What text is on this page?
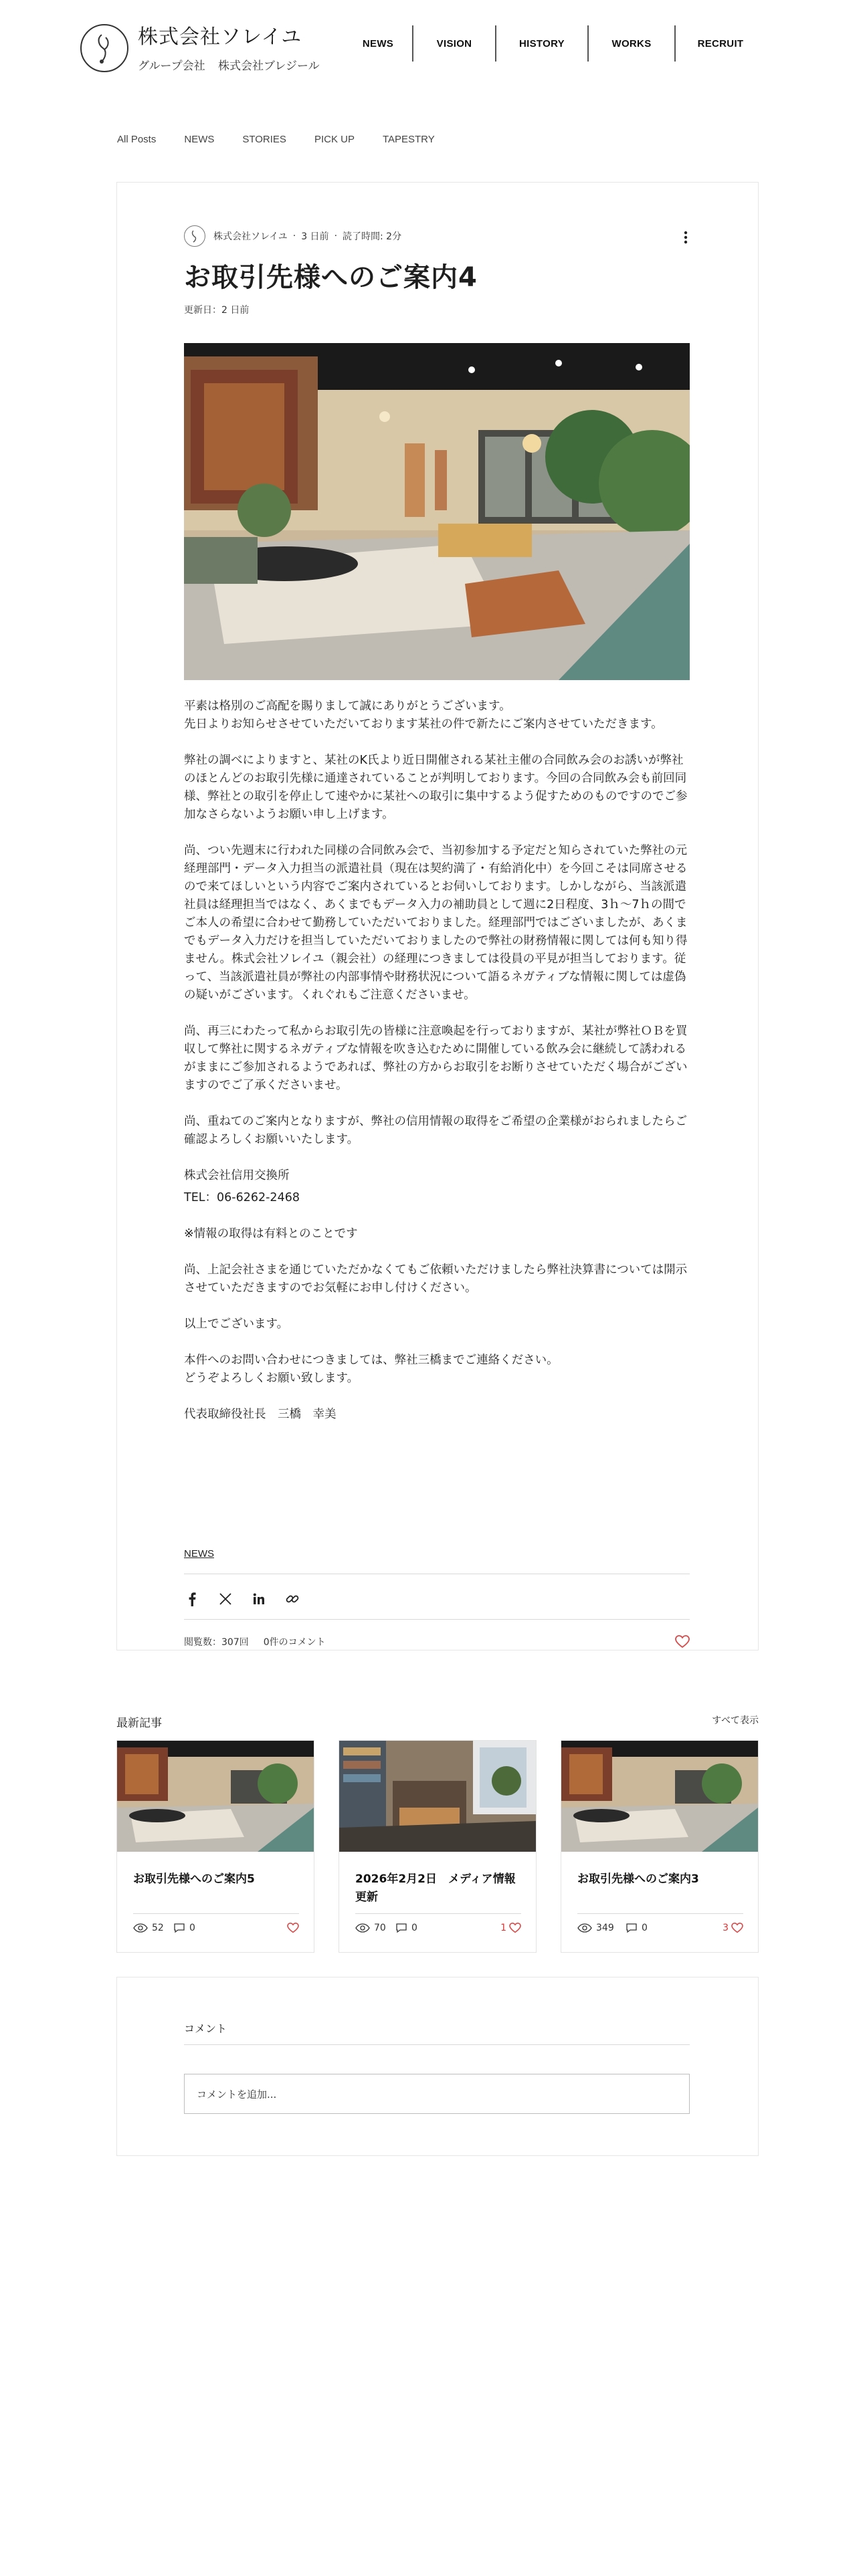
株式会社ソレイユ
グループ会社 株式会社ブレジール
NEWS	VISION	HISTORY	WORKS	RECRUIT
All Posts	NEWS	STORIES	PICK UP	TAPESTRY
株式会社ソレイユ · 3 日前 · 読了時間: 2分
お取引先様へのご案内4
更新日：2 日前

平素は格別のご高配を賜りまして誠にありがとうございます。
先日よりお知らせさせていただいております某社の件で新たにご案内させていただきます。

弊社の調べによりますと、某社のK氏より近日開催される某社主催の合同飲み会のお誘いが弊社のほとんどのお取引先様に通達されていることが判明しております。今回の合同飲み会も前回同様、弊社との取引を停止して速やかに某社への取引に集中するよう促すためのものですのでご参加なさらないようお願い申し上げます。

尚、つい先週末に行われた同様の合同飲み会で、当初参加する予定だと知らされていた弊社の元経理部門・データ入力担当の派遣社員（現在は契約満了・有給消化中）を今回こそは同席させるので来てほしいという内容でご案内されているとお伺いしております。しかしながら、当該派遣社員は経理担当ではなく、あくまでもデータ入力の補助員として週に2日程度、3ｈ～7ｈの間でご本人の希望に合わせて勤務していただいておりました。経理部門ではございましたが、あくまでもデータ入力だけを担当していただいておりましたので弊社の財務情報に関しては何も知り得ません。株式会社ソレイユ（親会社）の経理につきましては役員の平見が担当しております。従って、当該派遣社員が弊社の内部事情や財務状況について語るネガティブな情報に関しては虚偽の疑いがございます。くれぐれもご注意くださいませ。

尚、再三にわたって私からお取引先の皆様に注意喚起を行っておりますが、某社が弊社ＯＢを買収して弊社に関するネガティブな情報を吹き込むために開催している飲み会に継続して誘われるがままにご参加されるようであれば、弊社の方からお取引をお断りさせていただく場合がございますのでご了承くださいませ。

尚、重ねてのご案内となりますが、弊社の信用情報の取得をご希望の企業様がおられましたらご確認よろしくお願いいたします。

株式会社信用交換所

TEL：06-6262-2468

※情報の取得は有料とのことです

尚、上記会社さまを通じていただかなくてもご依頼いただけましたら弊社決算書については開示させていただきますのでお気軽にお申し付けください。

以上でございます。

本件へのお問い合わせにつきましては、弊社三橋までご連絡ください。
どうぞよろしくお願い致します。

代表取締役社長　三橋　幸美

NEWS
閲覧数：307回 0件のコメント
最新記事	すべて表示
お取引先様へのご案内5
52	0
2026年2月2日　メディア情報更新
70	0	1
お取引先様へのご案内3
349	0	3
コメント
コメントを追加...
